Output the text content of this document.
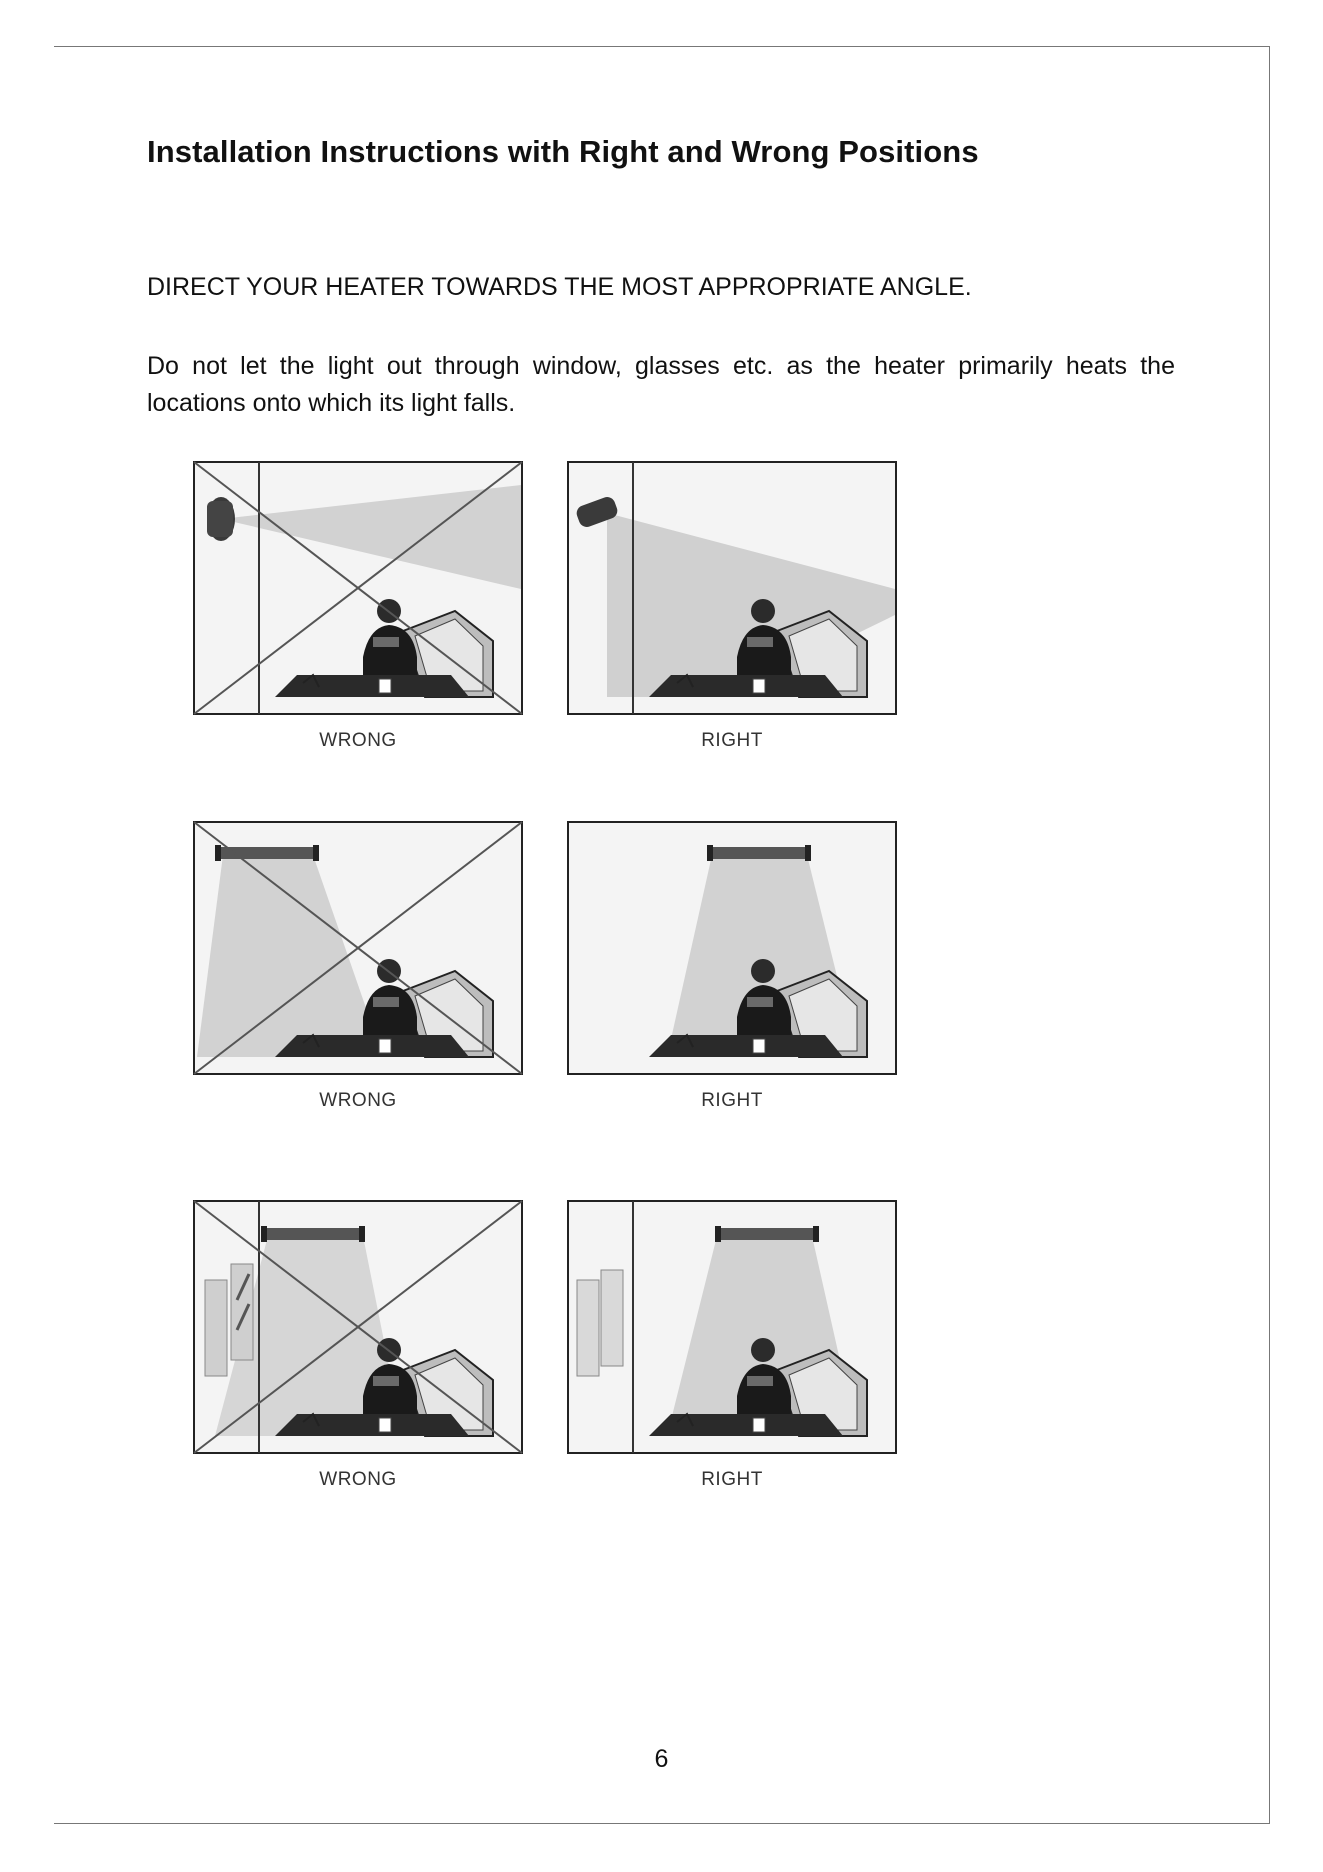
Installation Instructions with Right and Wrong Positions
DIRECT YOUR HEATER TOWARDS THE MOST APPROPRIATE ANGLE.
Do not let the light out through window, glasses etc. as the heater primarily heats the locations onto which its light falls.
WRONG	RIGHT
WRONG	RIGHT
WRONG	RIGHT
6
